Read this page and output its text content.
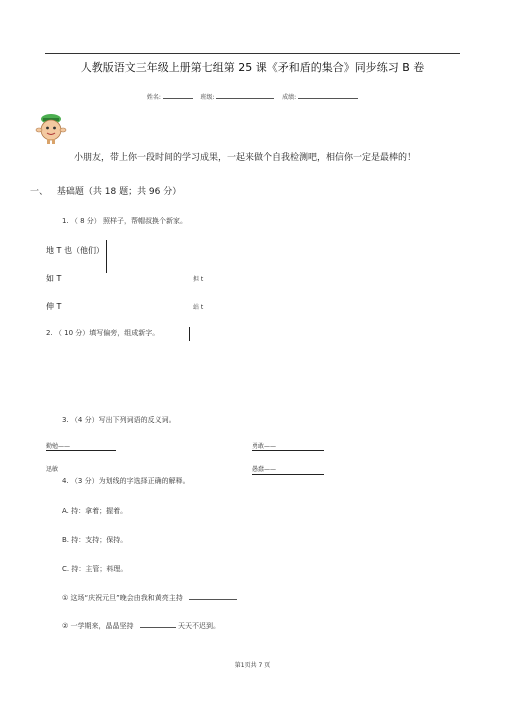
人教版语文三年级上册第七组第 25 课《矛和盾的集合》同步练习 B 卷
姓名:	班级:	成绩:
小朋友，带上你一段时间的学习成果，一起来做个自我检测吧，相信你一定是最棒的！
一、 基础题（共 18 题；共 96 分）
1. （ 8 分） 照样子，帮帽叔换个新家。
地 T 也（他们）
如 T	担 t
伸 T	站 t
2. （ 10 分）填写偏旁，组成新字。
3. （4 分）写出下列词语的反义词。
勤勉——	勇敢——
迅敏	愚蠢——
4. （3 分）为划线的字选择正确的解释。
A. 持：拿着；握着。
B. 持：支持；保持。
C. 持：主管；料理。
① 这场“庆祝元旦”晚会由我和黄亮主持
② 一学期来，晶晶坚持	天天不迟到。
第1页共 7 页
